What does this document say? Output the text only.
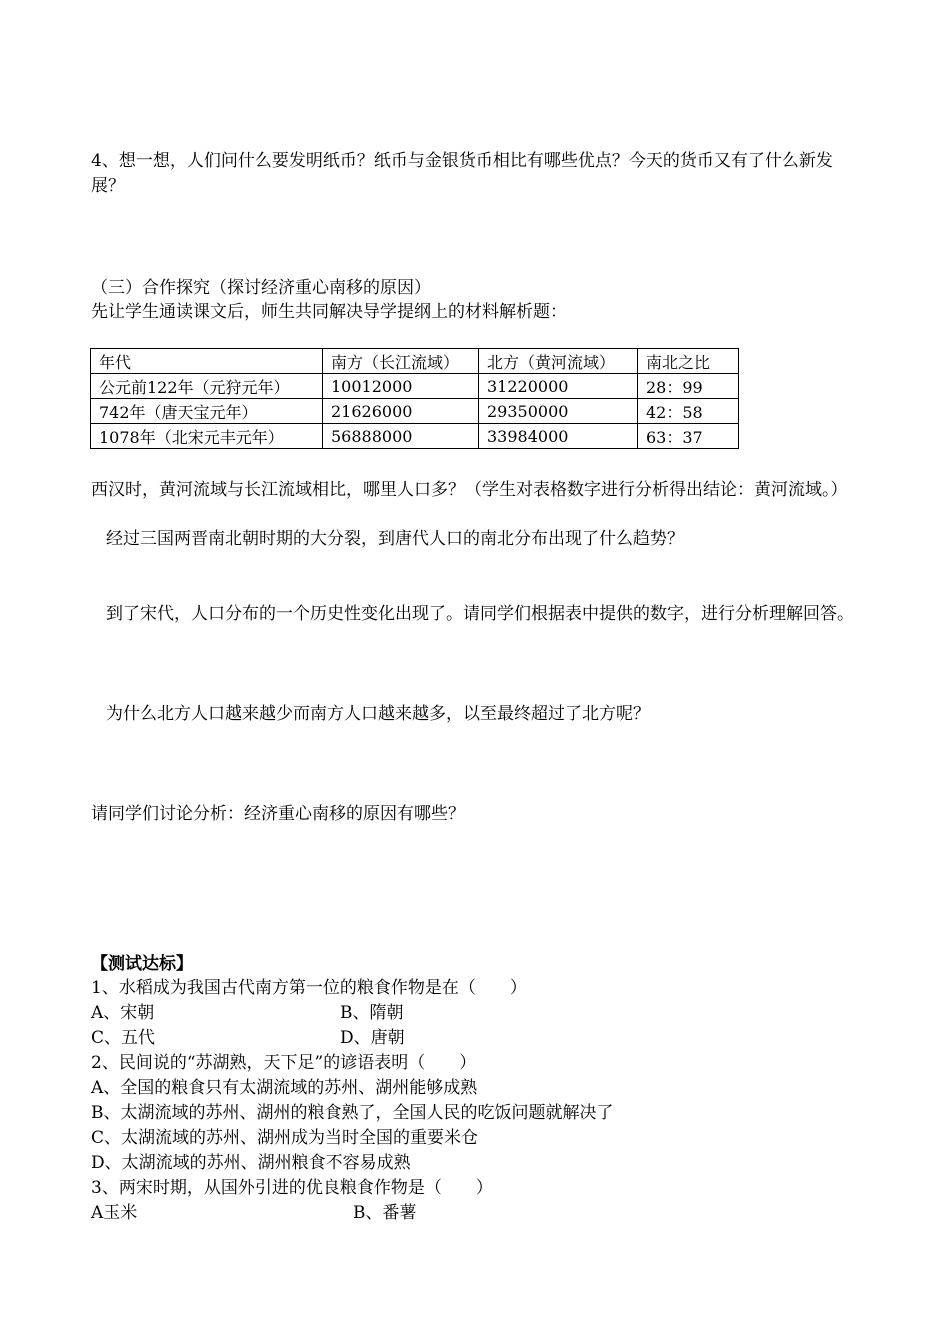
4、想一想，人们问什么要发明纸币？纸币与金银货币相比有哪些优点？今天的货币又有了什么新发展？
（三）合作探究（探讨经济重心南移的原因）
先让学生通读课文后，师生共同解决导学提纲上的材料解析题：
年代	南方（长江流域）	北方（黄河流域）	南北之比
公元前122年（元狩元年）	10012000	31220000	28：99
742年（唐天宝元年）	21626000	29350000	42：58
1078年（北宋元丰元年）	56888000	33984000	63：37
西汉时，黄河流域与长江流域相比，哪里人口多？（学生对表格数字进行分析得出结论：黄河流域。）
经过三国两晋南北朝时期的大分裂，到唐代人口的南北分布出现了什么趋势？
到了宋代，人口分布的一个历史性变化出现了。请同学们根据表中提供的数字，进行分析理解回答。
为什么北方人口越来越少而南方人口越来越多，以至最终超过了北方呢？
请同学们讨论分析：经济重心南移的原因有哪些？
【测试达标】
1、水稻成为我国古代南方第一位的粮食作物是在（　　）
A、宋朝	B、隋朝
C、五代	D、唐朝
2、民间说的“苏湖熟，天下足”的谚语表明（　　）
A、全国的粮食只有太湖流域的苏州、湖州能够成熟
B、太湖流域的苏州、湖州的粮食熟了，全国人民的吃饭问题就解决了
C、太湖流域的苏州、湖州成为当时全国的重要米仓
D、太湖流域的苏州、湖州粮食不容易成熟
3、两宋时期，从国外引进的优良粮食作物是（　　）
A玉米	B、番薯
